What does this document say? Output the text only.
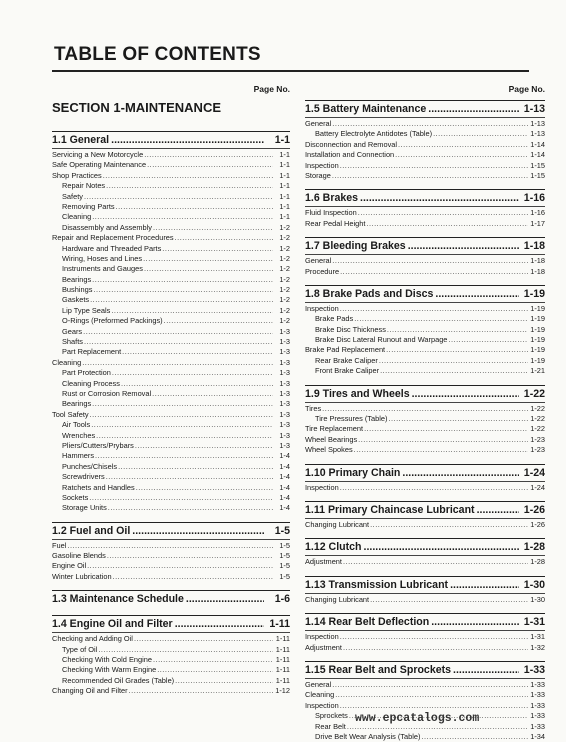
TABLE OF CONTENTS
Page No.
SECTION 1-MAINTENANCE
1.1 General .....	1-1
Servicing a New Motorcycle .....	1-1
Safe Operating Maintenance .....	1-1
Shop Practices .....	1-1
Repair Notes .....	1-1
Safety .....	1-1
Removing Parts .....	1-1
Cleaning .....	1-1
Disassembly and Assembly .....	1-2
Repair and Replacement Procedures .....	1-2
Hardware and Threaded Parts .....	1-2
Wiring, Hoses and Lines .....	1-2
Instruments and Gauges .....	1-2
Bearings .....	1-2
Bushings .....	1-2
Gaskets .....	1-2
Lip Type Seals .....	1-2
O-Rings (Preformed Packings) .....	1-2
Gears .....	1-3
Shafts .....	1-3
Part Replacement .....	1-3
Cleaning .....	1-3
Part Protection .....	1-3
Cleaning Process .....	1-3
Rust or Corrosion Removal .....	1-3
Bearings .....	1-3
Tool Safety .....	1-3
Air Tools .....	1-3
Wrenches .....	1-3
Pliers/Cutters/Prybars .....	1-3
Hammers .....	1-4
Punches/Chisels .....	1-4
Screwdrivers .....	1-4
Ratchets and Handles .....	1-4
Sockets .....	1-4
Storage Units .....	1-4
1.2 Fuel and Oil .....	1-5
Fuel .....	1-5
Gasoline Blends .....	1-5
Engine Oil .....	1-5
Winter Lubrication .....	1-5
1.3 Maintenance Schedule .....	1-6
1.4 Engine Oil and Filter .....	1-11
Checking and Adding Oil .....	1-11
Type of Oil .....	1-11
Checking With Cold Engine .....	1-11
Checking With Warm Engine .....	1-11
Recommended Oil Grades (Table) .....	1-11
Changing Oil and Filter .....	1-12
Page No.
1.5 Battery Maintenance .....	1-13
General .....	1-13
Battery Electrolyte Antidotes (Table) .....	1-13
Disconnection and Removal .....	1-14
Installation and Connection .....	1-14
Inspection .....	1-15
Storage .....	1-15
1.6 Brakes .....	1-16
Fluid Inspection .....	1-16
Rear Pedal Height .....	1-17
1.7 Bleeding Brakes .....	1-18
General .....	1-18
Procedure .....	1-18
1.8 Brake Pads and Discs .....	1-19
Inspection .....	1-19
Brake Pads .....	1-19
Brake Disc Thickness .....	1-19
Brake Disc Lateral Runout and Warpage .....	1-19
Brake Pad Replacement .....	1-19
Rear Brake Caliper .....	1-19
Front Brake Caliper .....	1-21
1.9 Tires and Wheels .....	1-22
Tires .....	1-22
Tire Pressures (Table) .....	1-22
Tire Replacement .....	1-22
Wheel Bearings .....	1-23
Wheel Spokes .....	1-23
1.10 Primary Chain .....	1-24
Inspection .....	1-24
1.11 Primary Chaincase Lubricant .....	1-26
Changing Lubricant .....	1-26
1.12 Clutch .....	1-28
Adjustment .....	1-28
1.13 Transmission Lubricant .....	1-30
Changing Lubricant .....	1-30
1.14 Rear Belt Deflection .....	1-31
Inspection .....	1-31
Adjustment .....	1-32
1.15 Rear Belt and Sprockets .....	1-33
General .....	1-33
Cleaning .....	1-33
Inspection .....	1-33
Sprockets .....	1-33
Rear Belt .....	1-33
Drive Belt Wear Analysis (Table) .....	1-34
www.epcatalogs.com
